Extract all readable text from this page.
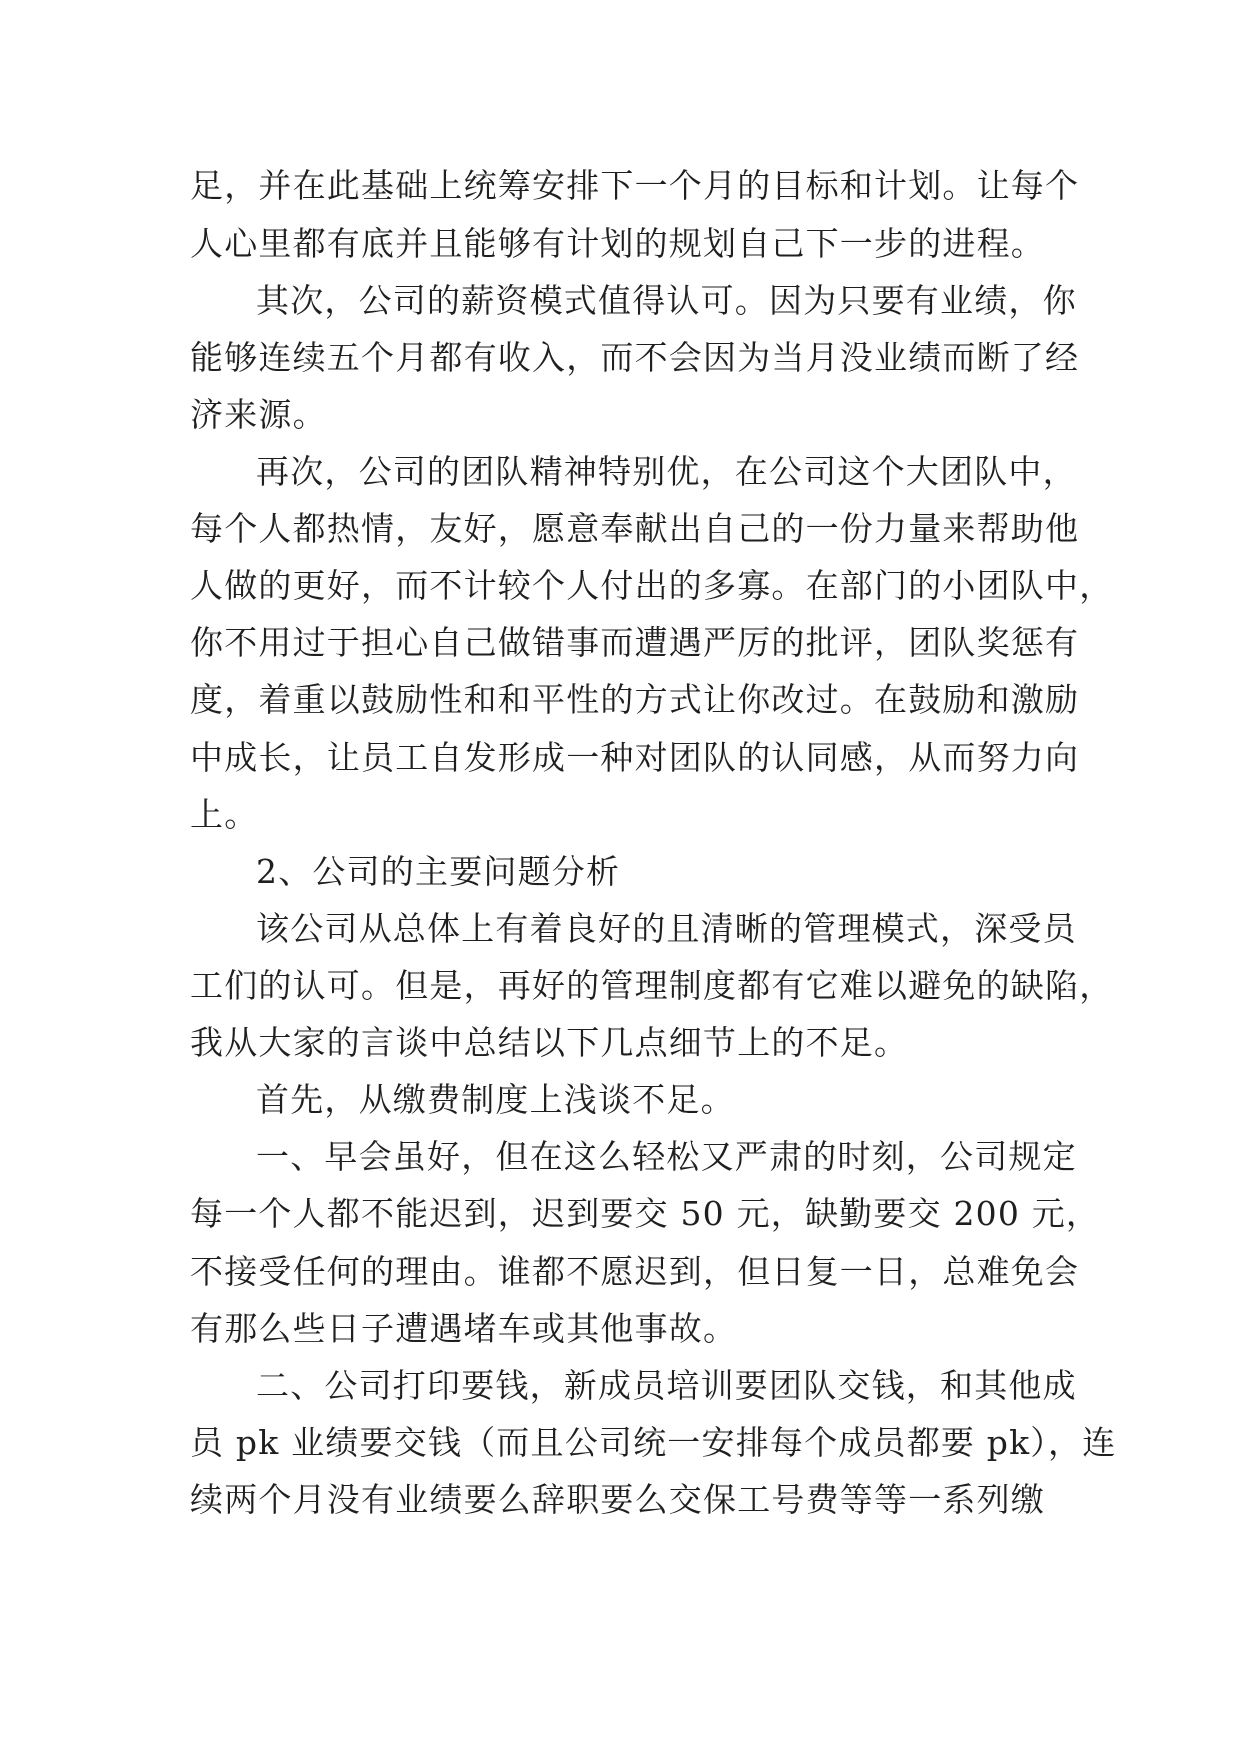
足，并在此基础上统筹安排下一个月的目标和计划。让每个
人心里都有底并且能够有计划的规划自己下一步的进程。
其次，公司的薪资模式值得认可。因为只要有业绩，你
能够连续五个月都有收入，而不会因为当月没业绩而断了经
济来源。
再次，公司的团队精神特别优，在公司这个大团队中，
每个人都热情，友好，愿意奉献出自己的一份力量来帮助他
人做的更好，而不计较个人付出的多寡。在部门的小团队中，
你不用过于担心自己做错事而遭遇严厉的批评，团队奖惩有
度，着重以鼓励性和和平性的方式让你改过。在鼓励和激励
中成长，让员工自发形成一种对团队的认同感，从而努力向
上。
2、公司的主要问题分析
该公司从总体上有着良好的且清晰的管理模式，深受员
工们的认可。但是，再好的管理制度都有它难以避免的缺陷，
我从大家的言谈中总结以下几点细节上的不足。
首先，从缴费制度上浅谈不足。
一、早会虽好，但在这么轻松又严肃的时刻，公司规定
每一个人都不能迟到，迟到要交 50 元，缺勤要交 200 元，
不接受任何的理由。谁都不愿迟到，但日复一日，总难免会
有那么些日子遭遇堵车或其他事故。
二、公司打印要钱，新成员培训要团队交钱，和其他成
员 pk 业绩要交钱（而且公司统一安排每个成员都要 pk），连
续两个月没有业绩要么辞职要么交保工号费等等一系列缴
